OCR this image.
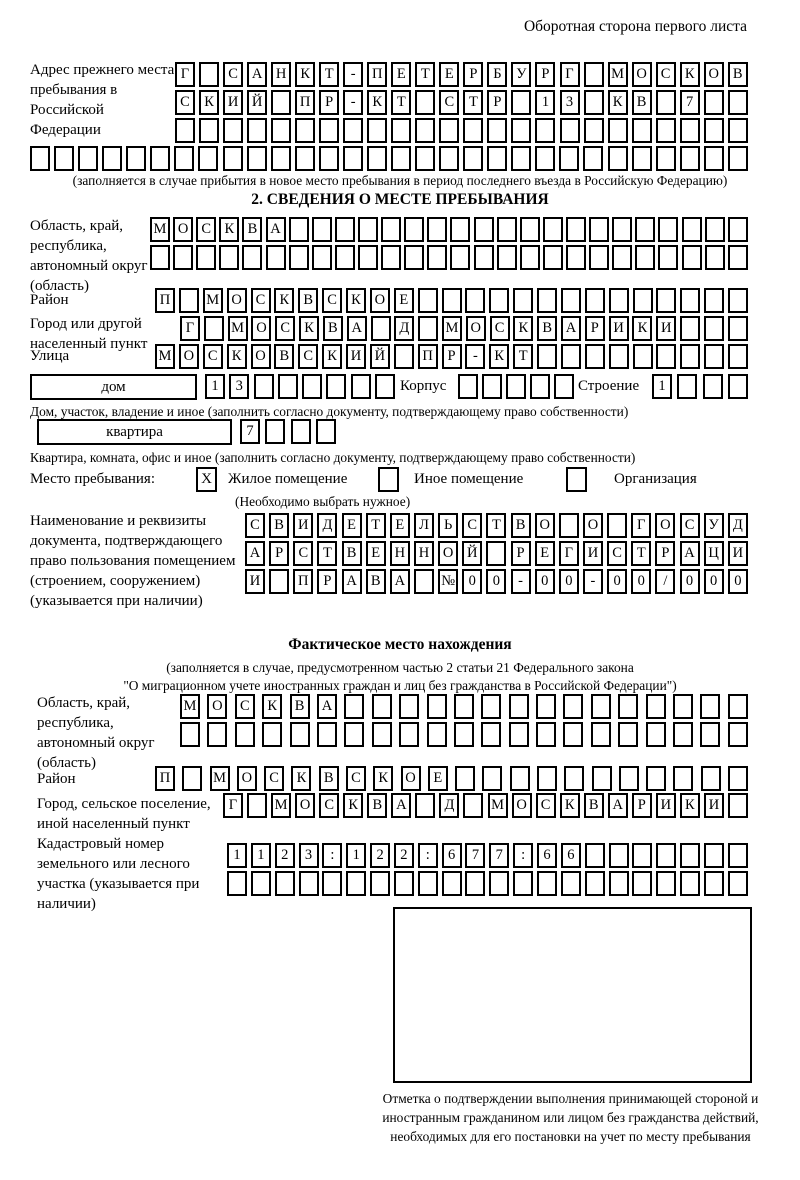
Оборотная сторона первого листа
Адрес прежнего места пребывания в Российской Федерации
Г	С А Н К	Т	-	П Е	Т	Е	Р	Б	У	Р	Г	М О С К О В
С К И Й	П	Р	-	К	Т	С	Т	Р	1	3	К В	7
(заполняется в случае прибытия в новое место пребывания в период последнего въезда в Российскую Федерацию)
2. СВЕДЕНИЯ О МЕСТЕ ПРЕБЫВАНИЯ
Область, край, республика, автономный округ (область)
М О С К В А
Район	П	М О С К В С К О Е
Город или другой населенный пункт
Г	М О С К В А	Д	М О С К В А	Р	И К И
Улица	М О С К О В С К И Й	П	Р	-	К	Т
дом	1	3	Корпус	Строение	1
Дом, участок, владение и иное (заполнить согласно документу, подтверждающему право собственности)
квартира	7
Квартира, комната, офис и иное (заполнить согласно документу, подтверждающему право собственности)
Место пребывания:	X	Жилое помещение	Иное помещение	Организация
(Необходимо выбрать нужное)
Наименование и реквизиты документа, подтверждающего право пользования помещением (строением, сооружением) (указывается при наличии)
С В И Д	Е	Т	Е	Л	Ь	С	Т	В О	О	Г	О С У Д
А	Р	С	Т	В	Е Н Н О Й	Р	Е	Г	И С	Т	Р	А Ц И
И	П	Р	А В А	№ 0	0	-	0	0	-	0	0	/	0	0	0
Фактическое место нахождения
(заполняется в случае, предусмотренном частью 2 статьи 21 Федерального закона
"О миграционном учете иностранных граждан и лиц без гражданства в Российской Федерации")
Область, край, республика, автономный округ (область)
М	О	С	К	В	А
Район	П	М	О	С	К	В	С	К	О	Е
Город, сельское поселение, иной населенный пункт
Г	М О С К В А	Д	М О С К В А	Р	И К И
Кадастровый номер земельного или лесного участка (указывается при наличии)
1	1	2	3	:	1	2	2	:	6	7	7	:	6	6
Отметка о подтверждении выполнения принимающей стороной и иностранным гражданином или лицом без гражданства действий, необходимых для его постановки на учет по месту пребывания
